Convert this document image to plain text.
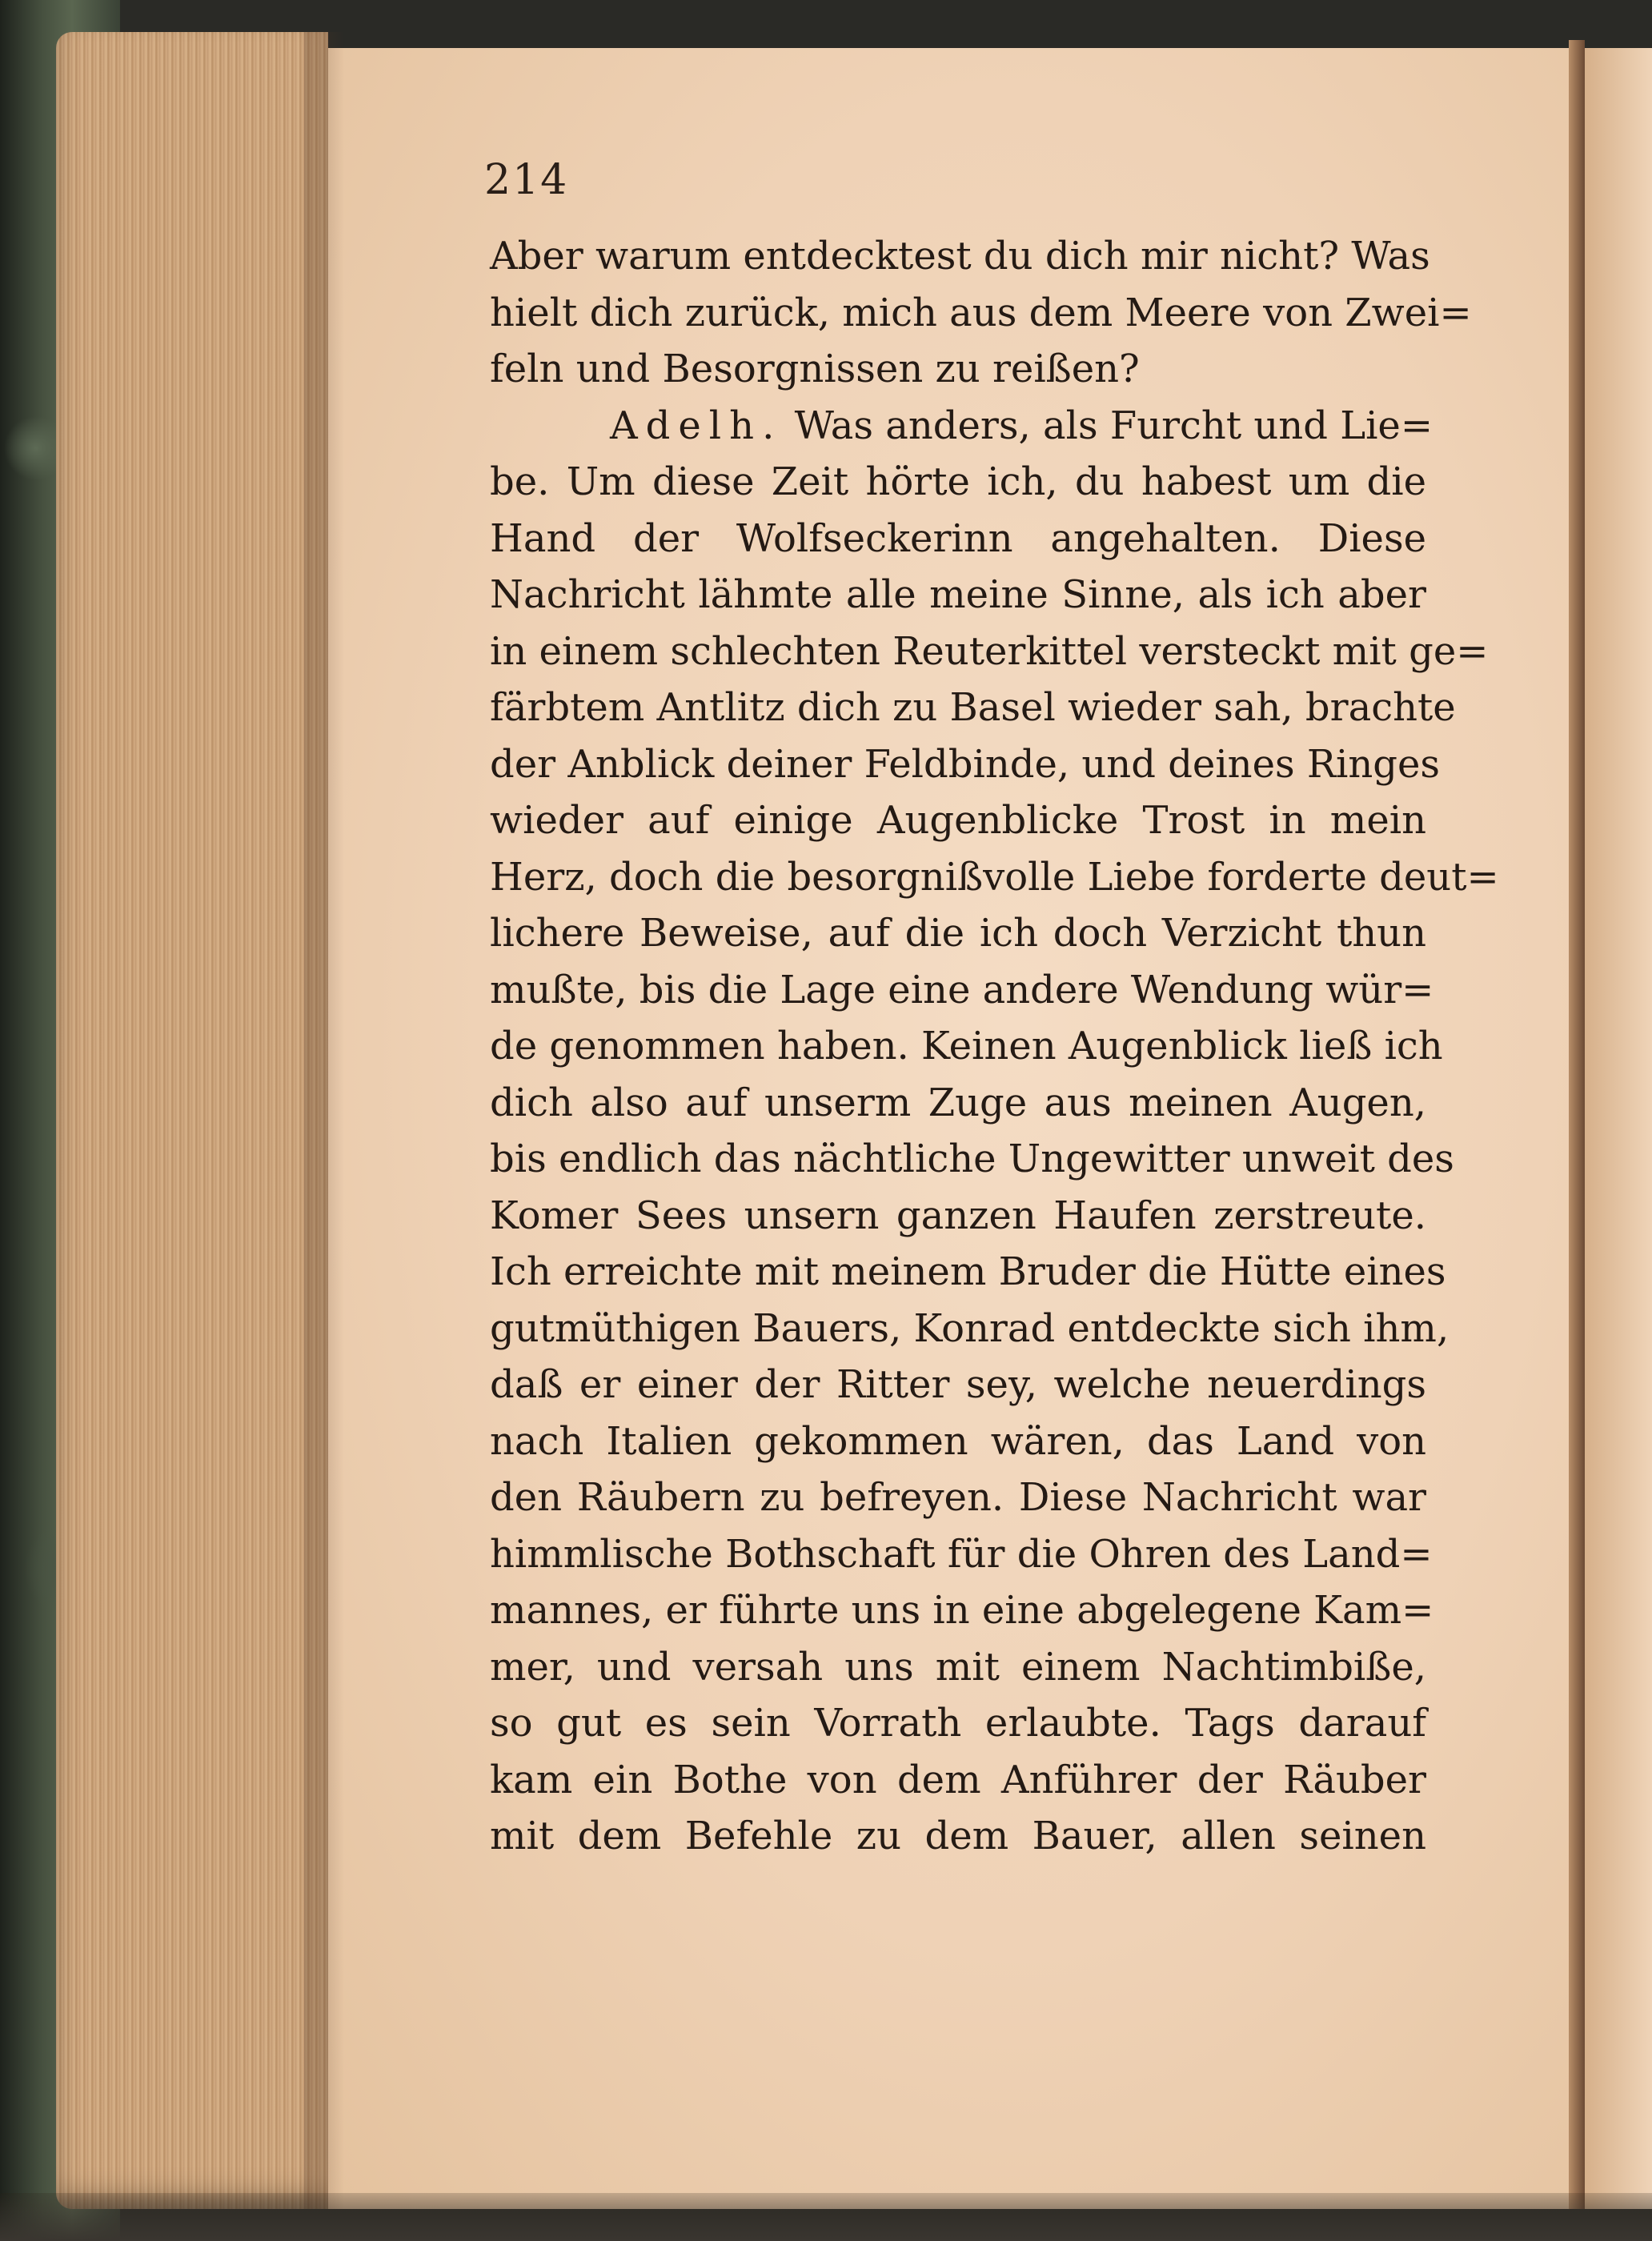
214
Aber warum entdecktest du dich mir nicht? Was
hielt dich zurück, mich aus dem Meere von Zwei=
feln und Besorgnissen zu reißen?
Adelh. Was anders, als Furcht und Lie=
be. Um diese Zeit hörte ich, du habest um die
Hand der Wolfseckerinn angehalten. Diese
Nachricht lähmte alle meine Sinne, als ich aber
in einem schlechten Reuterkittel versteckt mit ge=
färbtem Antlitz dich zu Basel wieder sah, brachte
der Anblick deiner Feldbinde, und deines Ringes
wieder auf einige Augenblicke Trost in mein
Herz, doch die besorgnißvolle Liebe forderte deut=
lichere Beweise, auf die ich doch Verzicht thun
mußte, bis die Lage eine andere Wendung wür=
de genommen haben. Keinen Augenblick ließ ich
dich also auf unserm Zuge aus meinen Augen,
bis endlich das nächtliche Ungewitter unweit des
Komer Sees unsern ganzen Haufen zerstreute.
Ich erreichte mit meinem Bruder die Hütte eines
gutmüthigen Bauers, Konrad entdeckte sich ihm,
daß er einer der Ritter sey, welche neuerdings
nach Italien gekommen wären, das Land von
den Räubern zu befreyen. Diese Nachricht war
himmlische Bothschaft für die Ohren des Land=
mannes, er führte uns in eine abgelegene Kam=
mer, und versah uns mit einem Nachtimbiße,
so gut es sein Vorrath erlaubte. Tags darauf
kam ein Bothe von dem Anführer der Räuber
mit dem Befehle zu dem Bauer, allen seinen
